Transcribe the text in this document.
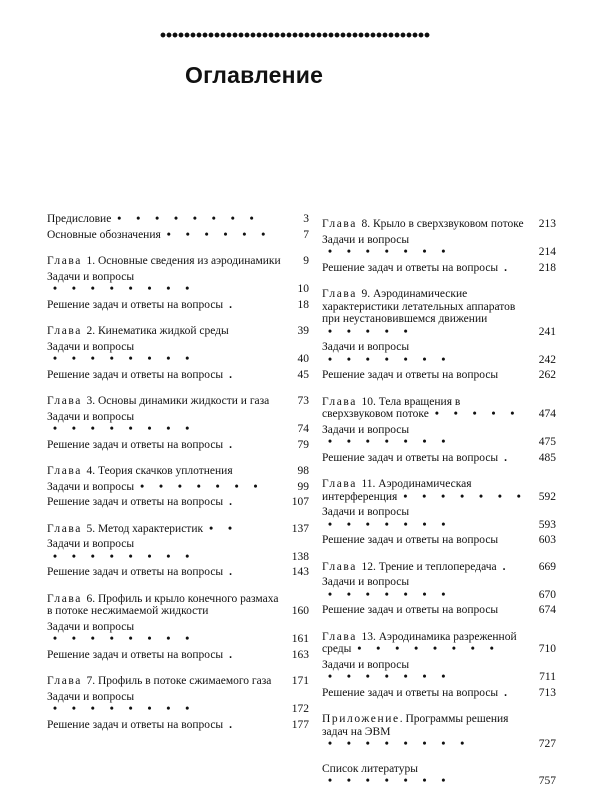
Оглавление
Предисловие • • • • • • • •	3
Основные обозначения • • • • • •	7
Глава 1. Основные сведения из аэродинамики	9
Задачи и вопросы• • • • • • • •	10
Решение задач и ответы на вопросы .	18
Глава 2. Кинематика жидкой среды	39
Задачи и вопросы• • • • • • • •	40
Решение задач и ответы на вопросы .	45
Глава 3. Основы динамики жидкости и газа	73
Задачи и вопросы• • • • • • • •	74
Решение задач и ответы на вопросы .	79
Глава 4. Теория скачков уплотнения	98
Задачи и вопросы • • • • • • •	99
Решение задач и ответы на вопросы .	107
Глава 5. Метод характеристик • •	137
Задачи и вопросы• • • • • • • •	138
Решение задач и ответы на вопросы .	143
Глава 6. Профиль и крыло конечного размаха в потоке несжимаемой жидкости	160
Задачи и вопросы• • • • • • • •	161
Решение задач и ответы на вопросы .	163
Глава 7. Профиль в потоке сжимаемого газа	171
Задачи и вопросы• • • • • • • •	172
Решение задач и ответы на вопросы .	177
Глава 8. Крыло в сверхзвуковом потоке	213
Задачи и вопросы• • • • • • •	214
Решение задач и ответы на вопросы .	218
Глава 9. Аэродинамические характеристики летательных аппаратов при неустановившемся движении• • • • •	241
Задачи и вопросы• • • • • • •	242
Решение задач и ответы на вопросы	262
Глава 10. Тела вращения в сверхзвуковом потоке • • • • •	474
Задачи и вопросы• • • • • • •	475
Решение задач и ответы на вопросы .	485
Глава 11. Аэродинамическая интерференция • • • • • • •	592
Задачи и вопросы• • • • • • •	593
Решение задач и ответы на вопросы	603
Глава 12. Трение и теплопередача .	669
Задачи и вопросы• • • • • • •	670
Решение задач и ответы на вопросы	674
Глава 13. Аэродинамика разреженной среды • • • • • • • •	710
Задачи и вопросы• • • • • • •	711
Решение задач и ответы на вопросы .	713
Приложение. Программы решения задач на ЭВМ• • • • • • • •	727
Список литературы• • • • • • •	757
